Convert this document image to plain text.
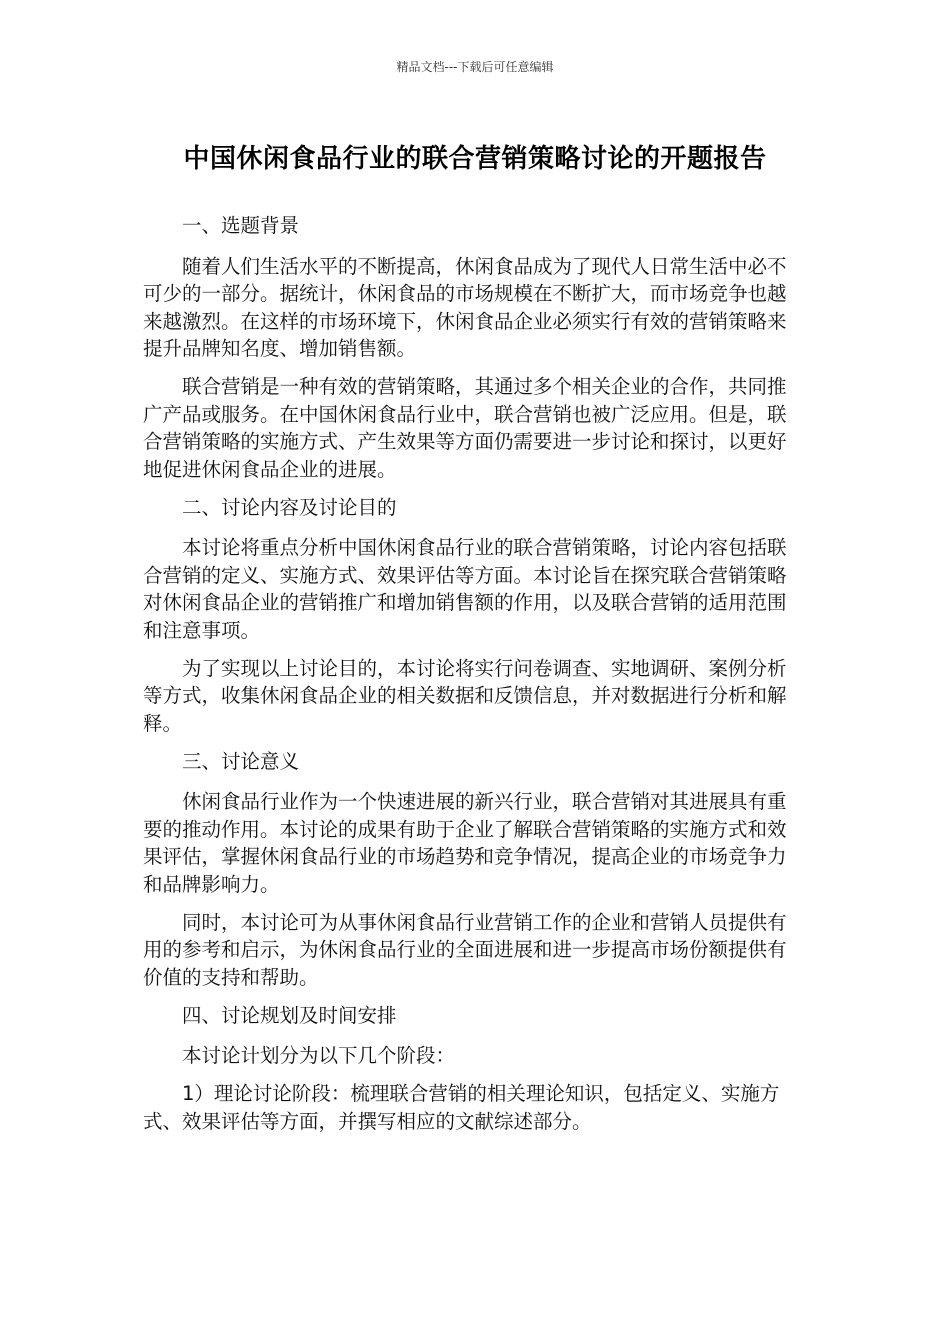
精品文档---下载后可任意编辑
中国休闲食品行业的联合营销策略讨论的开题报告

一、选题背景

随着人们生活水平的不断提高，休闲食品成为了现代人日常生活中必不可少的一部分。据统计，休闲食品的市场规模在不断扩大，而市场竞争也越来越激烈。在这样的市场环境下，休闲食品企业必须实行有效的营销策略来提升品牌知名度、增加销售额。

联合营销是一种有效的营销策略，其通过多个相关企业的合作，共同推广产品或服务。在中国休闲食品行业中，联合营销也被广泛应用。但是，联合营销策略的实施方式、产生效果等方面仍需要进一步讨论和探讨，以更好地促进休闲食品企业的进展。

二、讨论内容及讨论目的

本讨论将重点分析中国休闲食品行业的联合营销策略，讨论内容包括联合营销的定义、实施方式、效果评估等方面。本讨论旨在探究联合营销策略对休闲食品企业的营销推广和增加销售额的作用，以及联合营销的适用范围和注意事项。

为了实现以上讨论目的，本讨论将实行问卷调查、实地调研、案例分析等方式，收集休闲食品企业的相关数据和反馈信息，并对数据进行分析和解释。

三、讨论意义

休闲食品行业作为一个快速进展的新兴行业，联合营销对其进展具有重要的推动作用。本讨论的成果有助于企业了解联合营销策略的实施方式和效果评估，掌握休闲食品行业的市场趋势和竞争情况，提高企业的市场竞争力和品牌影响力。

同时，本讨论可为从事休闲食品行业营销工作的企业和营销人员提供有用的参考和启示，为休闲食品行业的全面进展和进一步提高市场份额提供有价值的支持和帮助。

四、讨论规划及时间安排

本讨论计划分为以下几个阶段：

1）理论讨论阶段：梳理联合营销的相关理论知识，包括定义、实施方式、效果评估等方面，并撰写相应的文献综述部分。
